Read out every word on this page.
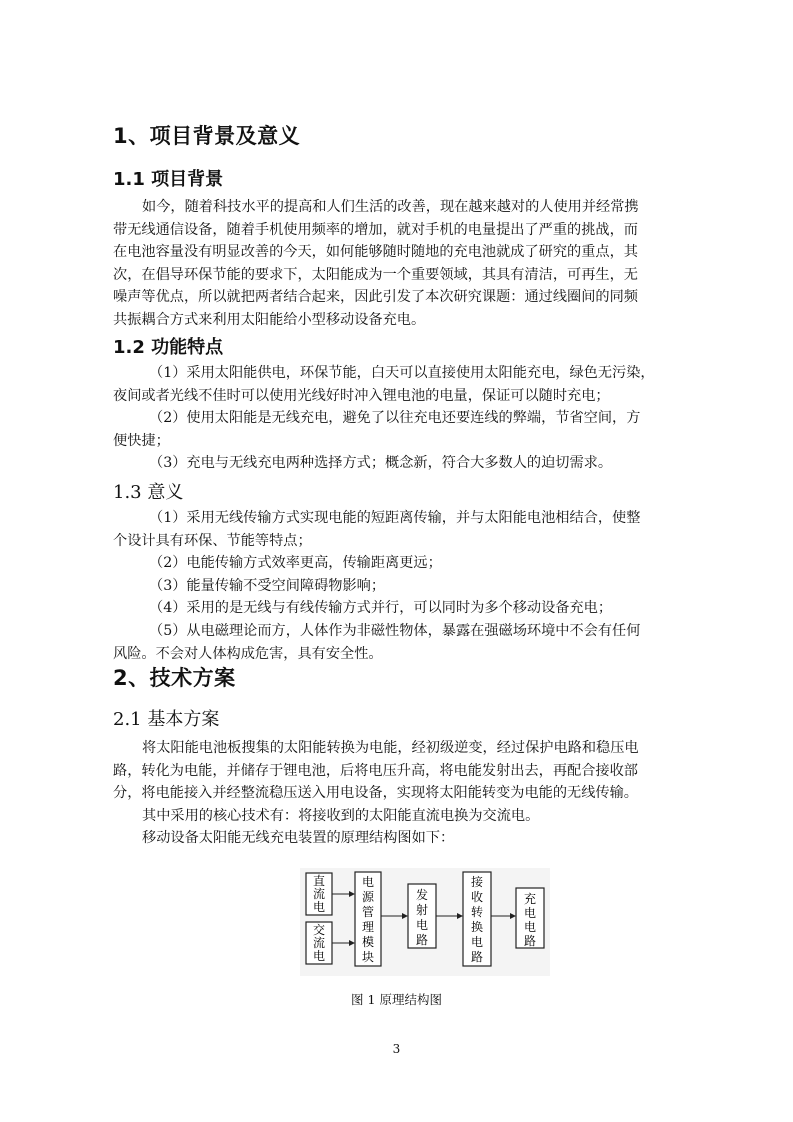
1、项目背景及意义
1.1 项目背景

如今，随着科技水平的提高和人们生活的改善，现在越来越对的人使用并经常携
带无线通信设备，随着手机使用频率的增加，就对手机的电量提出了严重的挑战，而
在电池容量没有明显改善的今天，如何能够随时随地的充电池就成了研究的重点，其
次，在倡导环保节能的要求下，太阳能成为一个重要领域，其具有清洁，可再生，无
噪声等优点，所以就把两者结合起来，因此引发了本次研究课题：通过线圈间的同频
共振耦合方式来利用太阳能给小型移动设备充电。

1.2 功能特点

（1）采用太阳能供电，环保节能，白天可以直接使用太阳能充电，绿色无污染，
夜间或者光线不佳时可以使用光线好时冲入锂电池的电量，保证可以随时充电；
（2）使用太阳能是无线充电，避免了以往充电还要连线的弊端，节省空间，方
便快捷；
（3）充电与无线充电两种选择方式；概念新，符合大多数人的迫切需求。

1.3 意义

（1）采用无线传输方式实现电能的短距离传输，并与太阳能电池相结合，使整
个设计具有环保、节能等特点；
（2）电能传输方式效率更高，传输距离更远；
（3）能量传输不受空间障碍物影响；
（4）采用的是无线与有线传输方式并行，可以同时为多个移动设备充电；
（5）从电磁理论而方，人体作为非磁性物体，暴露在强磁场环境中不会有任何
风险。不会对人体构成危害，具有安全性。

2、技术方案
2.1 基本方案

将太阳能电池板搜集的太阳能转换为电能，经初级逆变，经过保护电路和稳压电
路，转化为电能，并储存于锂电池，后将电压升高，将电能发射出去，再配合接收部
分，将电能接入并经整流稳压送入用电设备，实现将太阳能转变为电能的无线传输。
其中采用的核心技术有：将接收到的太阳能直流电换为交流电。
移动设备太阳能无线充电装置的原理结构图如下：

直
流
电
交
流
电
电
源
管
理
模
块
发
射
电
路
接
收
转
换
电
路
充
电
电
路
图 1 原理结构图
3
